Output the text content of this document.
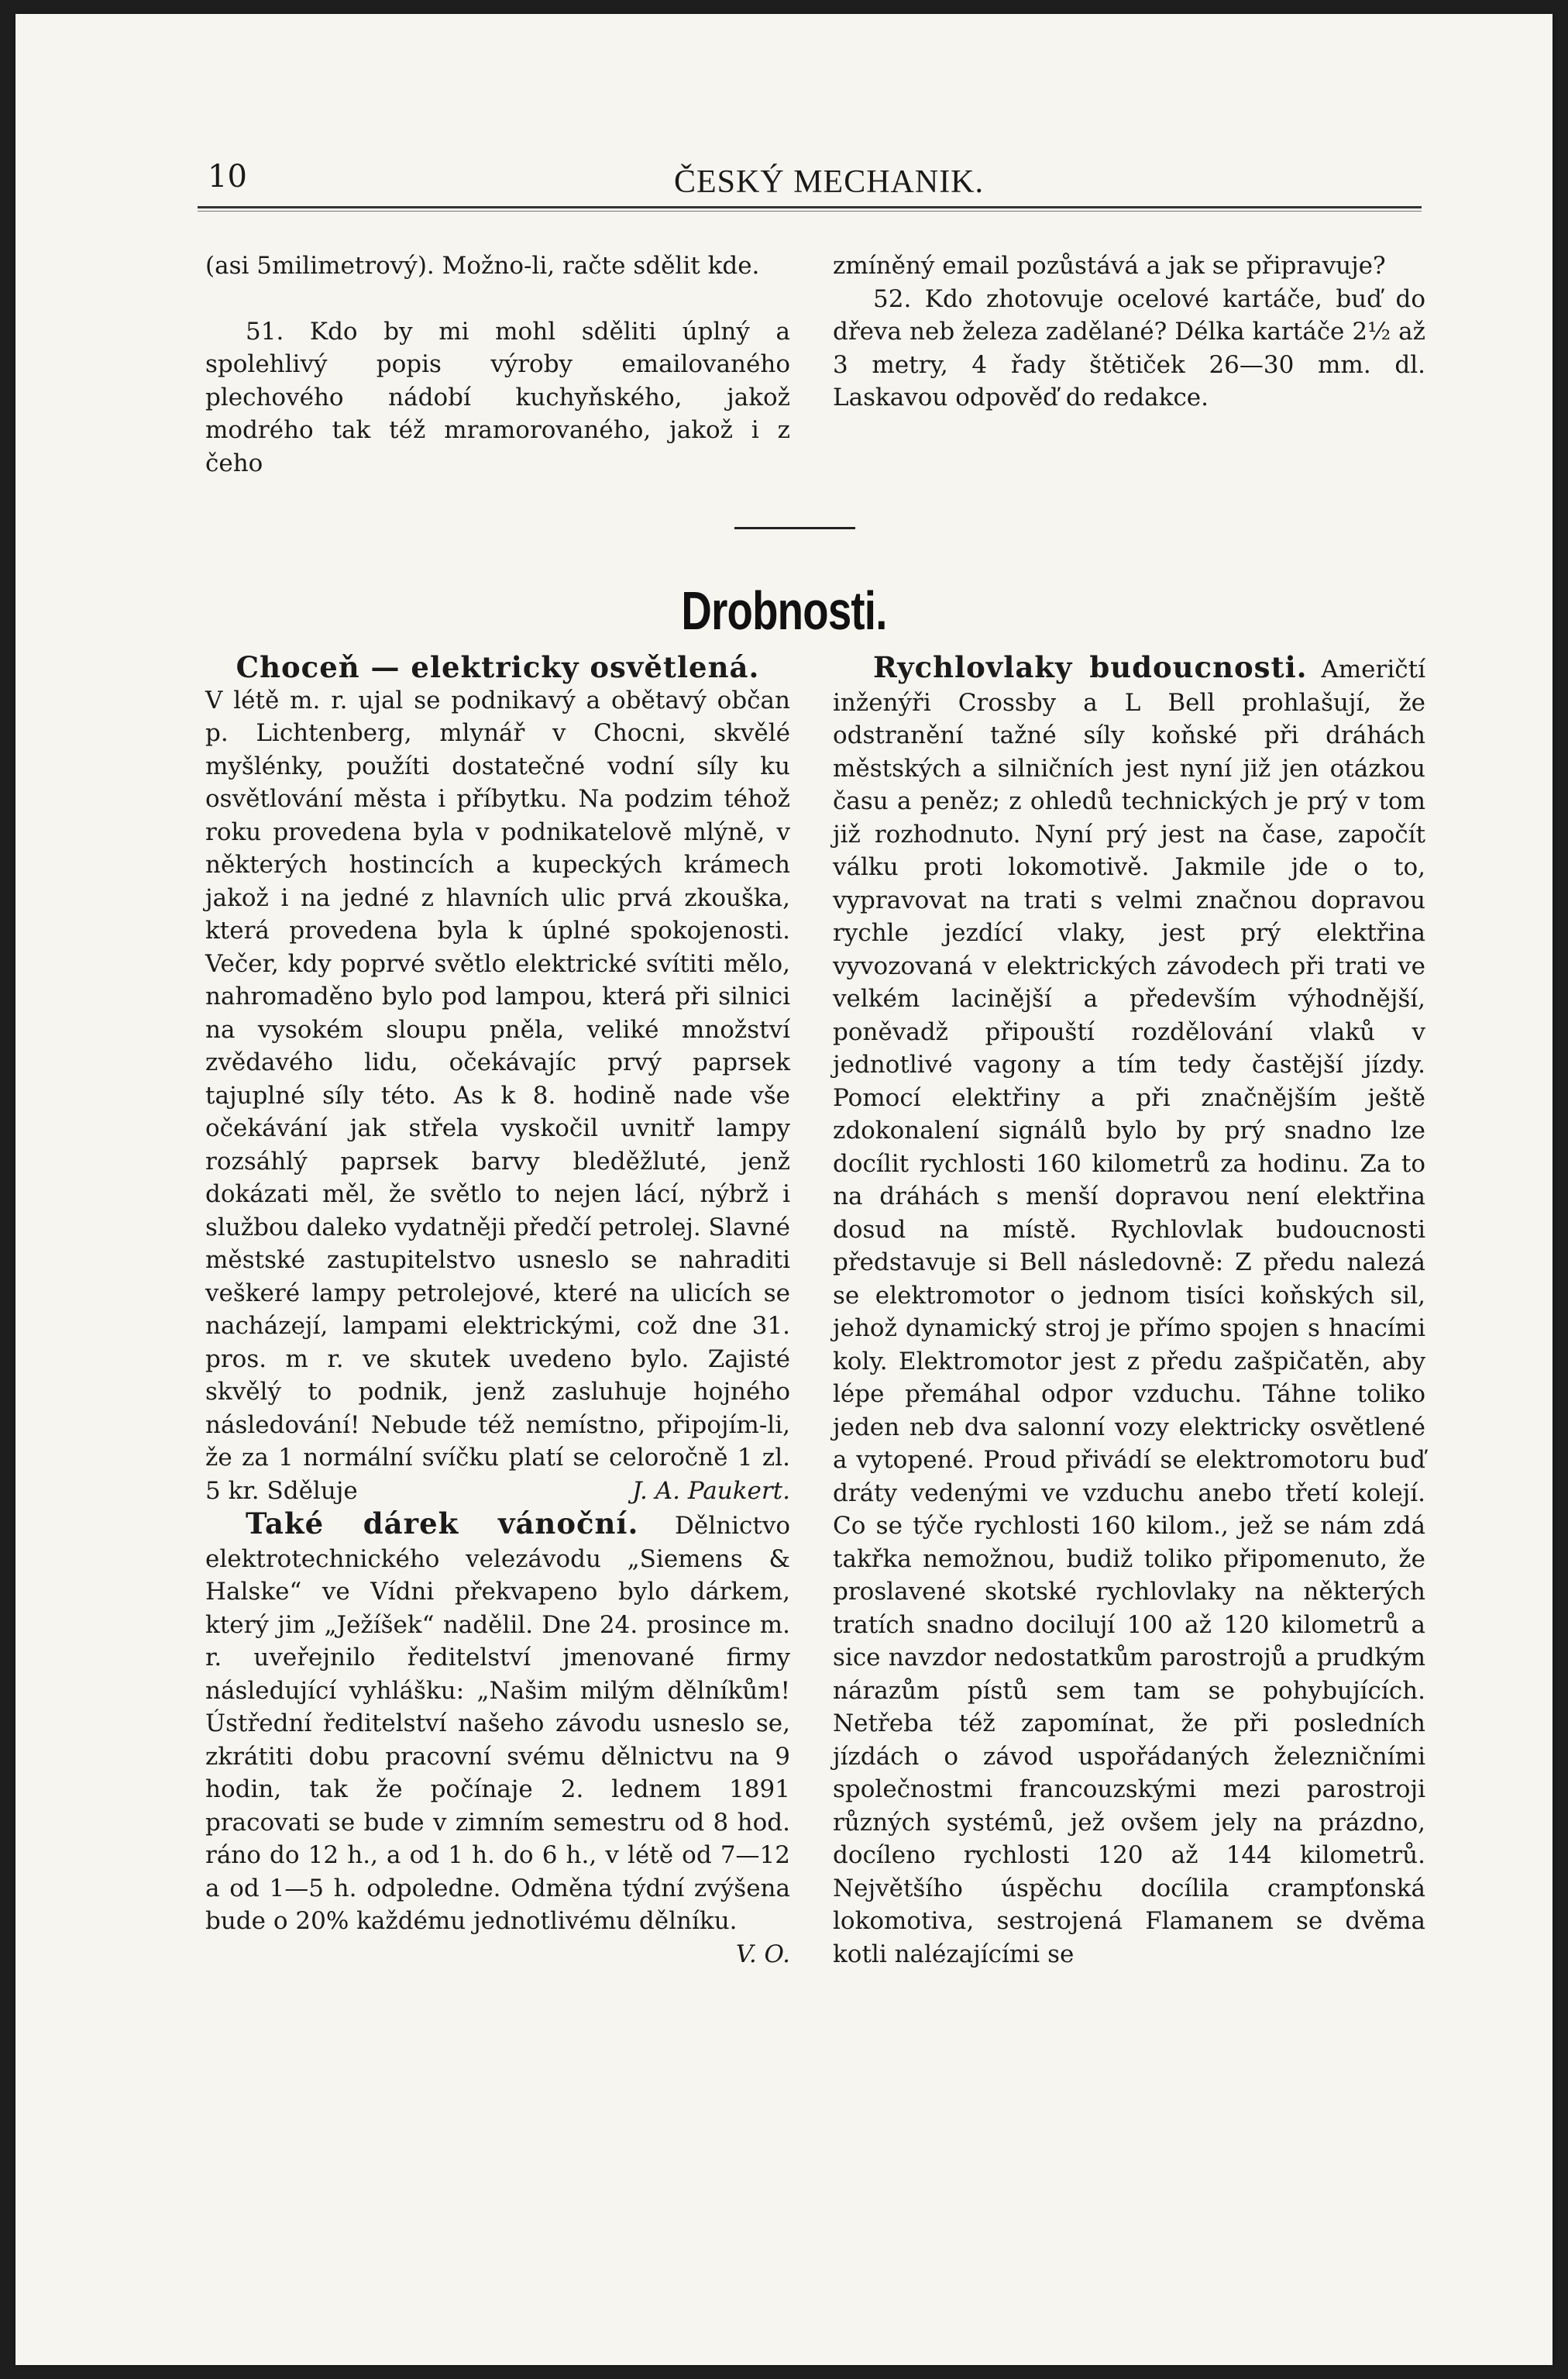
10	ČESKÝ MECHANIK.

(asi 5milimetrový). Možno-li, račte sdělit kde.

51. Kdo by mi mohl sděliti úplný a spolehlivý popis výroby emailovaného plechového nádobí kuchyňského, jakož modrého tak též mramorovaného, jakož i z čeho

zmíněný email pozůstává a jak se připravuje?

52. Kdo zhotovuje ocelové kartáče, buď do dřeva neb železa zadělané? Délka kartáče 2½ až 3 metry, 4 řady štětiček 26—30 mm. dl. Laskavou odpověď do redakce.

Drobnosti.

Choceň — elektricky osvětlená.
V létě m. r. ujal se podnikavý a obětavý občan p. Lichtenberg, mlynář v Chocni, skvělé myšlénky, použíti dostatečné vodní síly ku osvětlování města i příbytku. Na podzim téhož roku provedena byla v podnikatelově mlýně, v některých hostincích a kupeckých krámech jakož i na jedné z hlavních ulic prvá zkouška, která provedena byla k úplné spokojenosti. Večer, kdy poprvé světlo elektrické svítiti mělo, nahromaděno bylo pod lampou, která při silnici na vysokém sloupu pněla, veliké množství zvědavého lidu, očekávajíc prvý paprsek tajuplné síly této. As k 8. hodině nade vše očekávání jak střela vyskočil uvnitř lampy rozsáhlý paprsek barvy bleděžluté, jenž dokázati měl, že světlo to nejen lácí, nýbrž i službou daleko vydatněji předčí petrolej. Slavné městské zastupitelstvo usneslo se nahraditi veškeré lampy petrolejové, které na ulicích se nacházejí, lampami elektrickými, což dne 31. pros. m r. ve skutek uvedeno bylo. Zajisté skvělý to podnik, jenž zasluhuje hojného následování! Nebude též nemístno, připojím-li, že za 1 normální svíčku platí se celoročně 1 zl. 5 kr. Sděluje	J. A. Paukert.

Také dárek vánoční. Dělnictvo elektrotechnického velezávodu „Siemens & Halske“ ve Vídni překvapeno bylo dárkem, který jim „Ježíšek“ nadělil. Dne 24. prosince m. r. uveřejnilo ředitelství jmenované firmy následující vyhlášku: „Našim milým dělníkům! Ústřední ředitelství našeho závodu usneslo se, zkrátiti dobu pracovní svému dělnictvu na 9 hodin, tak že počínaje 2. lednem 1891 pracovati se bude v zimním semestru od 8 hod. ráno do 12 h., a od 1 h. do 6 h., v létě od 7—12 a od 1—5 h. odpoledne. Odměna týdní zvýšena bude o 20% každému jednotlivému dělníku.
V. O.

Rychlovlaky budoucnosti. Američtí inženýři Crossby a L Bell prohlašují, že odstranění tažné síly koňské při dráhách městských a silničních jest nyní již jen otázkou času a peněz; z ohledů technických je prý v tom již rozhodnuto. Nyní prý jest na čase, započít válku proti lokomotivě. Jakmile jde o to, vypravovat na trati s velmi značnou dopravou rychle jezdící vlaky, jest prý elektřina vyvozovaná v elektrických závodech při trati ve velkém lacinější a především výhodnější, poněvadž připouští rozdělování vlaků v jednotlivé vagony a tím tedy častější jízdy. Pomocí elektřiny a při značnějším ještě zdokonalení signálů bylo by prý snadno lze docílit rychlosti 160 kilometrů za hodinu. Za to na dráhách s menší dopravou není elektřina dosud na místě. Rychlovlak budoucnosti představuje si Bell následovně: Z předu nalezá se elektromotor o jednom tisíci koňských sil, jehož dynamický stroj je přímo spojen s hnacími koly. Elektromotor jest z předu zašpičatěn, aby lépe přemáhal odpor vzduchu. Táhne toliko jeden neb dva salonní vozy elektricky osvětlené a vytopené. Proud přivádí se elektromotoru buď dráty vedenými ve vzduchu anebo třetí kolejí. Co se týče rychlosti 160 kilom., jež se nám zdá takřka nemožnou, budiž toliko připomenuto, že proslavené skotské rychlovlaky na některých tratích snadno docilují 100 až 120 kilometrů a sice navzdor nedostatkům parostrojů a prudkým nárazům pístů sem tam se pohybujících. Netřeba též zapomínat, že při posledních jízdách o závod uspořádaných železničními společnostmi francouzskými mezi parostroji různých systémů, jež ovšem jely na prázdno, docíleno rychlosti 120 až 144 kilometrů. Největšího úspěchu docílila crampťonská lokomotiva, sestrojená Flamanem se dvěma kotli nalézajícími se
